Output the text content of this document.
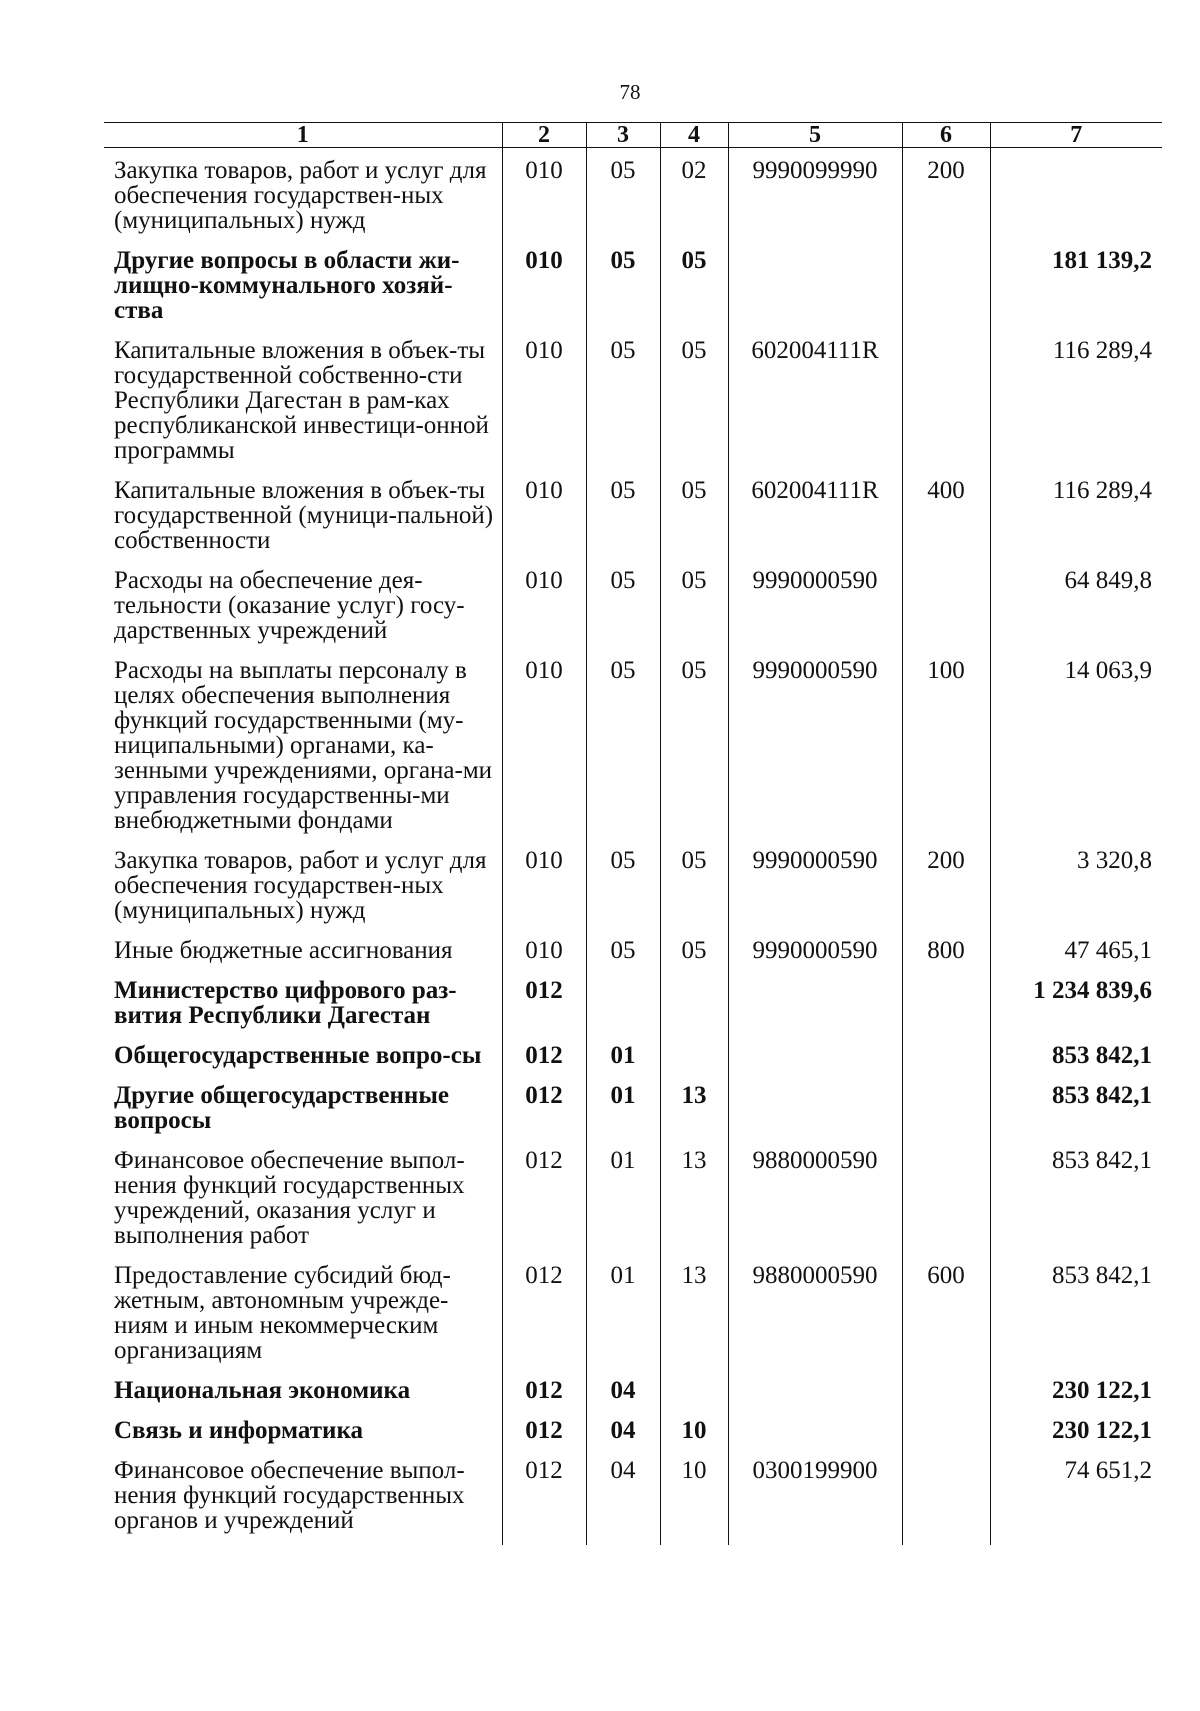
78
1	2	3	4	5	6	7
Закупка товаров, работ и услуг для обеспечения государствен-ных (муниципальных) нужд	010	05	02	9990099990	200	
Другие вопросы в области жи-лищно-коммунального хозяй-ства	010	05	05			181 139,2
Капитальные вложения в объек-ты государственной собственно-сти Республики Дагестан в рам-ках республиканской инвестици-онной программы	010	05	05	602004111R		116 289,4
Капитальные вложения в объек-ты государственной (муници-пальной) собственности	010	05	05	602004111R	400	116 289,4
Расходы на обеспечение дея-тельности (оказание услуг) госу-дарственных учреждений	010	05	05	9990000590		64 849,8
Расходы на выплаты персоналу в целях обеспечения выполнения функций государственными (му-ниципальными) органами, ка-зенными учреждениями, органа-ми управления государственны-ми внебюджетными фондами	010	05	05	9990000590	100	14 063,9
Закупка товаров, работ и услуг для обеспечения государствен-ных (муниципальных) нужд	010	05	05	9990000590	200	3 320,8
Иные бюджетные ассигнования	010	05	05	9990000590	800	47 465,1
Министерство цифрового раз-вития Республики Дагестан	012					1 234 839,6
Общегосударственные вопро-сы	012	01				853 842,1
Другие общегосударственные вопросы	012	01	13			853 842,1
Финансовое обеспечение выпол-нения функций государственных учреждений, оказания услуг и выполнения работ	012	01	13	9880000590		853 842,1
Предоставление субсидий бюд-жетным, автономным учрежде-ниям и иным некоммерческим организациям	012	01	13	9880000590	600	853 842,1
Национальная экономика	012	04				230 122,1
Связь и информатика	012	04	10			230 122,1
Финансовое обеспечение выпол-нения функций государственных органов и учреждений	012	04	10	0300199900		74 651,2
